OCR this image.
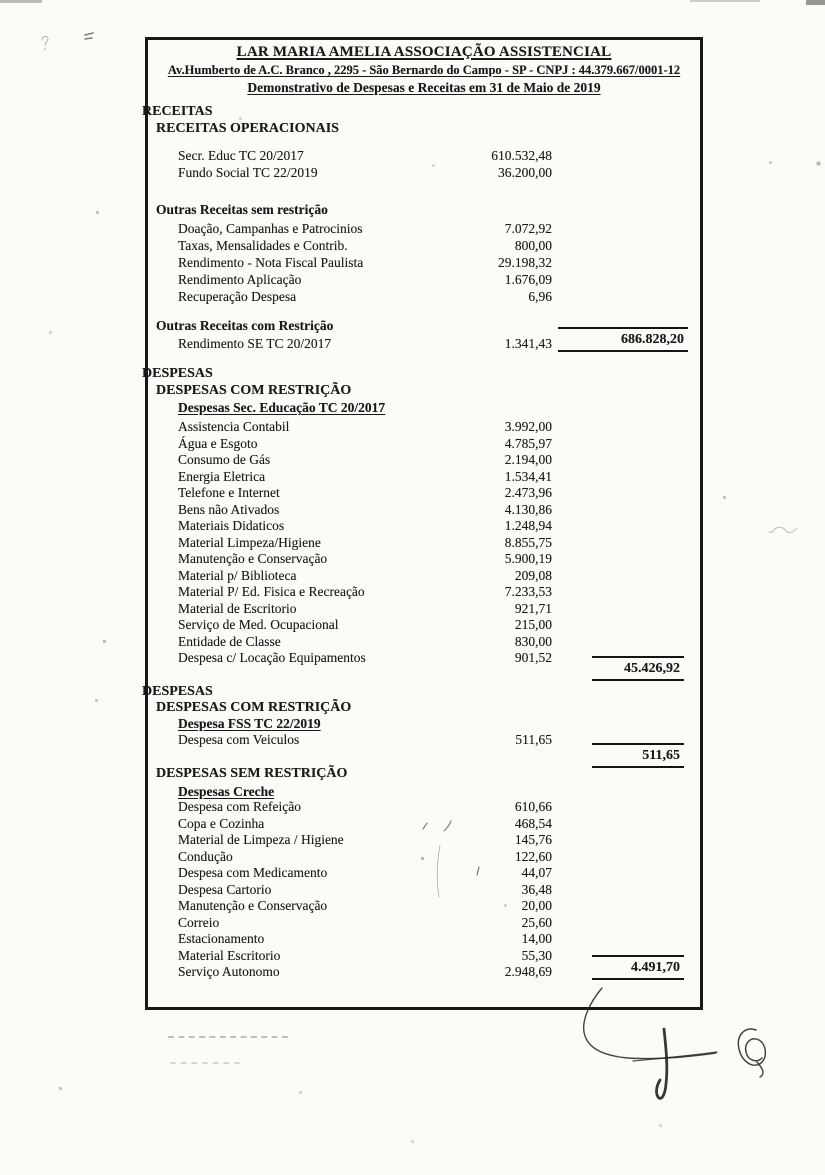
LAR MARIA AMELIA ASSOCIAÇÃO ASSISTENCIAL
Av.Humberto de A.C. Branco , 2295 - São Bernardo do Campo - SP - CNPJ : 44.379.667/0001-12
Demonstrativo de Despesas e Receitas em 31 de Maio de 2019
RECEITAS
RECEITAS OPERACIONAIS
Secr. Educ TC 20/2017	610.532,48
Fundo Social TC 22/2019	36.200,00
Outras Receitas sem restrição
Doação, Campanhas e Patrocinios	7.072,92
Taxas, Mensalidades e Contrib.	800,00
Rendimento - Nota Fiscal Paulista	29.198,32
Rendimento Aplicação	1.676,09
Recuperação Despesa	6,96
Outras Receitas com Restrição
Rendimento SE TC 20/2017	1.341,43	686.828,20
DESPESAS
DESPESAS COM RESTRIÇÃO
Despesas Sec. Educação TC 20/2017
Assistencia Contabil	3.992,00
Água e Esgoto	4.785,97
Consumo de Gás	2.194,00
Energia Eletrica	1.534,41
Telefone e Internet	2.473,96
Bens não Ativados	4.130,86
Materiais Didaticos	1.248,94
Material Limpeza/Higiene	8.855,75
Manutenção e Conservação	5.900,19
Material p/ Biblioteca	209,08
Material P/ Ed. Fisica e Recreação	7.233,53
Material de Escritorio	921,71
Serviço de Med. Ocupacional	215,00
Entidade de Classe	830,00
Despesa c/ Locação Equipamentos	901,52
45.426,92
DESPESAS
DESPESAS COM RESTRIÇÃO
Despesa FSS TC 22/2019
Despesa com Veiculos	511,65
511,65
DESPESAS SEM RESTRIÇÃO
Despesas Creche
Despesa com Refeição	610,66
Copa e Cozinha	468,54
Material de Limpeza / Higiene	145,76
Condução	122,60
Despesa com Medicamento	44,07
Despesa Cartorio	36,48
Manutenção e Conservação	20,00
Correio	25,60
Estacionamento	14,00
Material Escritorio	55,30
Serviço Autonomo	2.948,69	4.491,70
